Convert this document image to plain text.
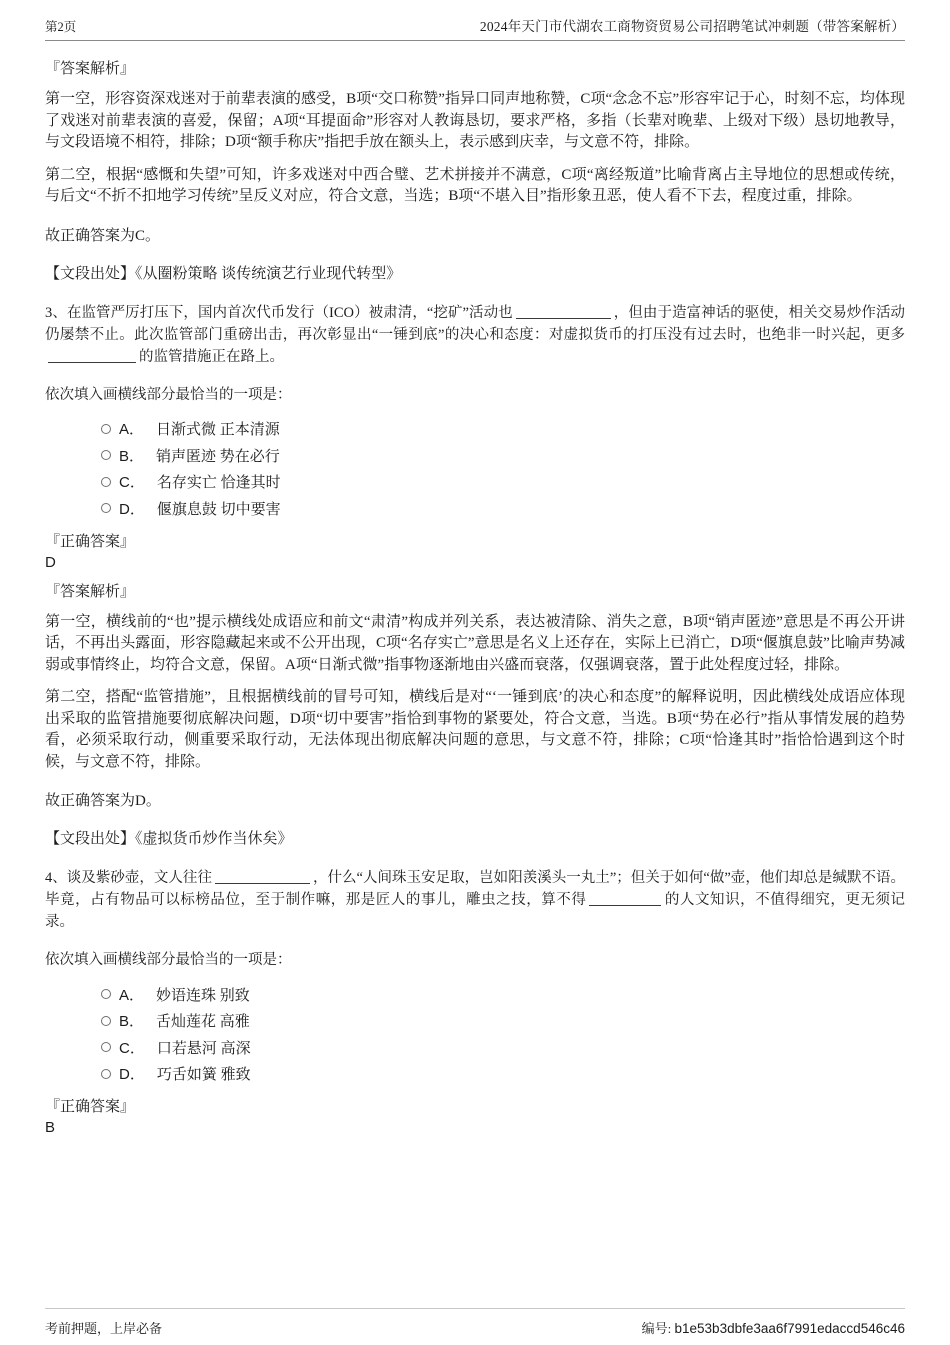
第2页	2024年天门市代湖农工商物资贸易公司招聘笔试冲刺题（带答案解析）
『答案解析』

第一空，形容资深戏迷对于前辈表演的感受，B项“交口称赞”指异口同声地称赞，C项“念念不忘”形容牢记于心，时刻不忘，均体现了戏迷对前辈表演的喜爱，保留；A项“耳提面命”形容对人教诲恳切，要求严格，多指（长辈对晚辈、上级对下级）恳切地教导，与文段语境不相符，排除；D项“额手称庆”指把手放在额头上，表示感到庆幸，与文意不符，排除。

第二空，根据“感慨和失望”可知，许多戏迷对中西合璧、艺术拼接并不满意，C项“离经叛道”比喻背离占主导地位的思想或传统，与后文“不折不扣地学习传统”呈反义对应，符合文意，当选；B项“不堪入目”指形象丑恶，使人看不下去，程度过重，排除。

故正确答案为C。

【文段出处】《从圈粉策略 谈传统演艺行业现代转型》

3、在监管严厉打压下，国内首次代币发行（ICO）被肃清，“挖矿”活动也	，但由于造富神话的驱使，相关交易炒作活动仍屡禁不止。此次监管部门重磅出击，再次彰显出“一锤到底”的决心和态度：对虚拟货币的打压没有过去时，也绝非一时兴起，更多的监管措施正在路上。

依次填入画横线部分最恰当的一项是：

A． 日渐式微 正本清源
B． 销声匿迹 势在必行
C． 名存实亡 恰逢其时
D． 偃旗息鼓 切中要害
『正确答案』
D
『答案解析』

第一空，横线前的“也”提示横线处成语应和前文“肃清”构成并列关系，表达被清除、消失之意，B项“销声匿迹”意思是不再公开讲话，不再出头露面，形容隐藏起来或不公开出现，C项“名存实亡”意思是名义上还存在，实际上已消亡，D项“偃旗息鼓”比喻声势减弱或事情终止，均符合文意，保留。A项“日渐式微”指事物逐渐地由兴盛而衰落，仅强调衰落，置于此处程度过轻，排除。

第二空，搭配“监管措施”，且根据横线前的冒号可知，横线后是对“‘一锤到底’的决心和态度”的解释说明，因此横线处成语应体现出采取的监管措施要彻底解决问题，D项“切中要害”指恰到事物的紧要处，符合文意，当选。B项“势在必行”指从事情发展的趋势看，必须采取行动，侧重要采取行动，无法体现出彻底解决问题的意思，与文意不符，排除；C项“恰逢其时”指恰恰遇到这个时候，与文意不符，排除。

故正确答案为D。

【文段出处】《虚拟货币炒作当休矣》

4、谈及紫砂壶，文人往往	，什么“人间珠玉安足取，岂如阳羡溪头一丸土”；但关于如何“做”壶，他们却总是缄默不语。毕竟，占有物品可以标榜品位，至于制作嘛，那是匠人的事儿，雕虫之技，算不得	的人文知识，不值得细究，更无须记录。

依次填入画横线部分最恰当的一项是：

A． 妙语连珠 别致
B． 舌灿莲花 高雅
C． 口若悬河 高深
D． 巧舌如簧 雅致
『正确答案』
B
考前押题，上岸必备	编号: b1e53b3dbfe3aa6f7991edaccd546c46
